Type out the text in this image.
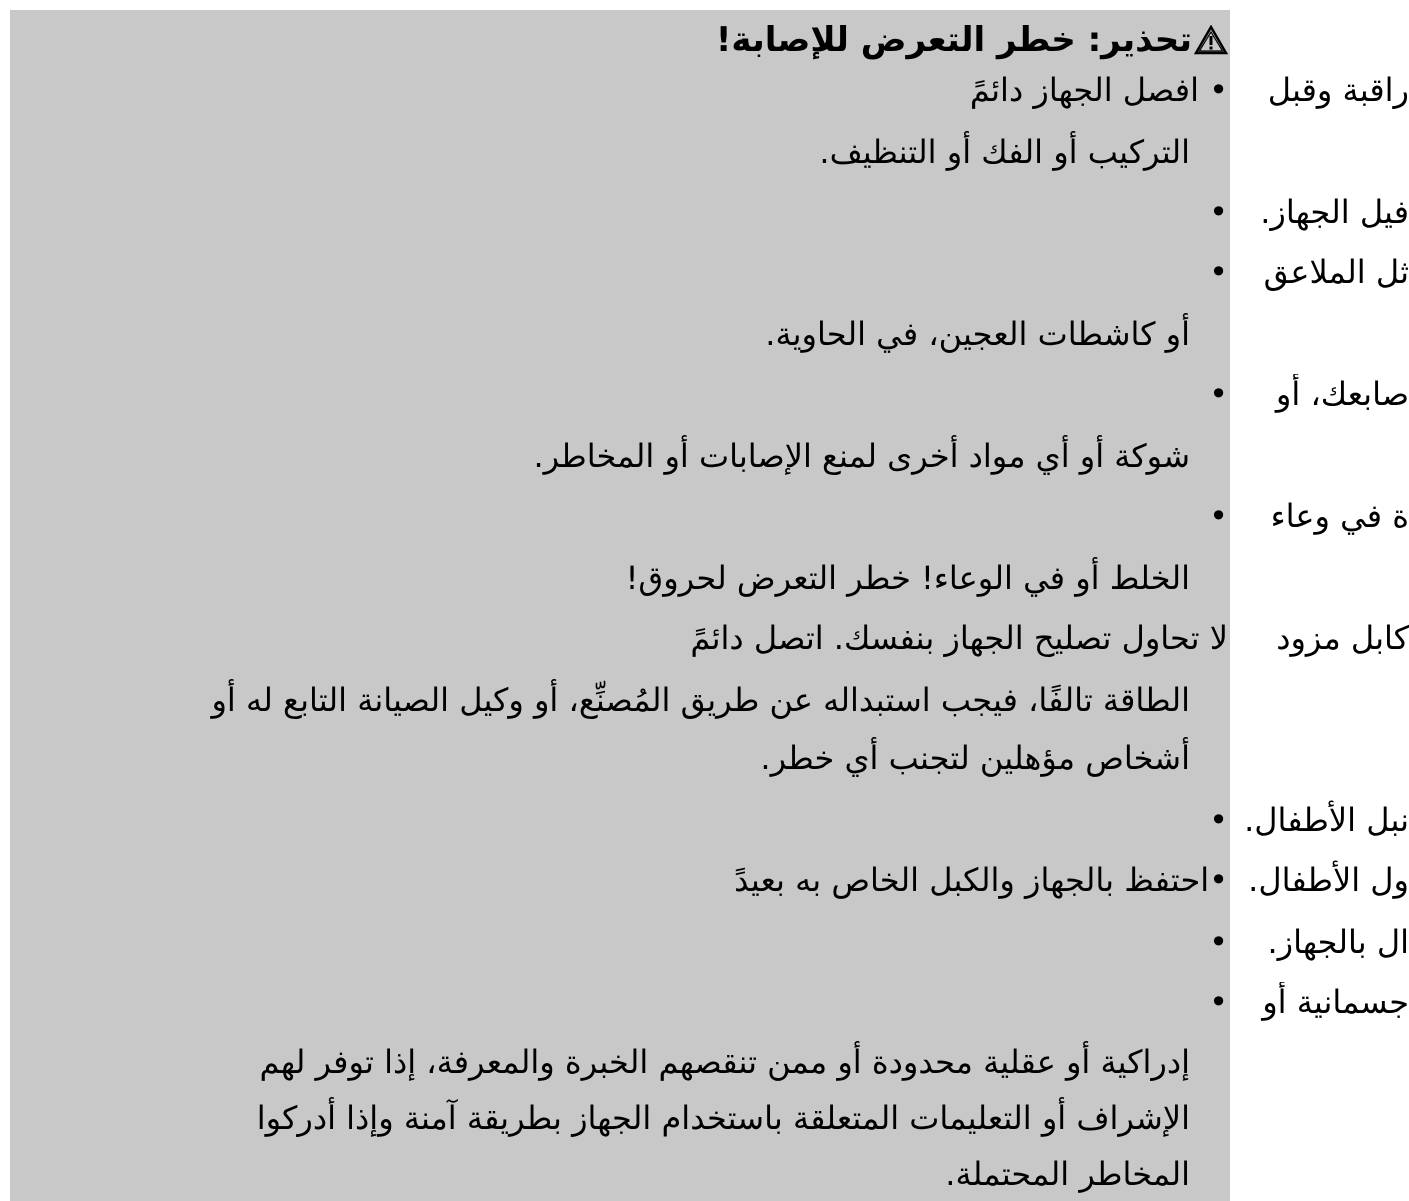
تحذير: خطر التعرض للإصابة!
• افصل الجهاز دائمً
التركيب أو الفك أو التنظيف.
•
•
أو كاشطات العجين، في الحاوية.
•
شوكة أو أي مواد أخرى لمنع الإصابات أو المخاطر.
•
الخلط أو في الوعاء! خطر التعرض لحروق!
لا تحاول تصليح الجهاز بنفسك. اتصل دائمً
الطاقة تالفًا، فيجب استبداله عن طريق المُصنِّع، أو وكيل الصيانة التابع له أو
أشخاص مؤهلين لتجنب أي خطر.
•
•احتفظ بالجهاز والكبل الخاص به بعيدً
•
•
إدراكية أو عقلية محدودة أو ممن تنقصهم الخبرة والمعرفة، إذا توفر لهم
الإشراف أو التعليمات المتعلقة باستخدام الجهاز بطريقة آمنة وإذا أدركوا
المخاطر المحتملة.
راقبة وقبل
فيل الجهاز.
ثل الملاعق
صابعك، أو
ة في وعاء
كابل مزود
نبل الأطفال.
ول الأطفال.
ال بالجهاز.
جسمانية أو
